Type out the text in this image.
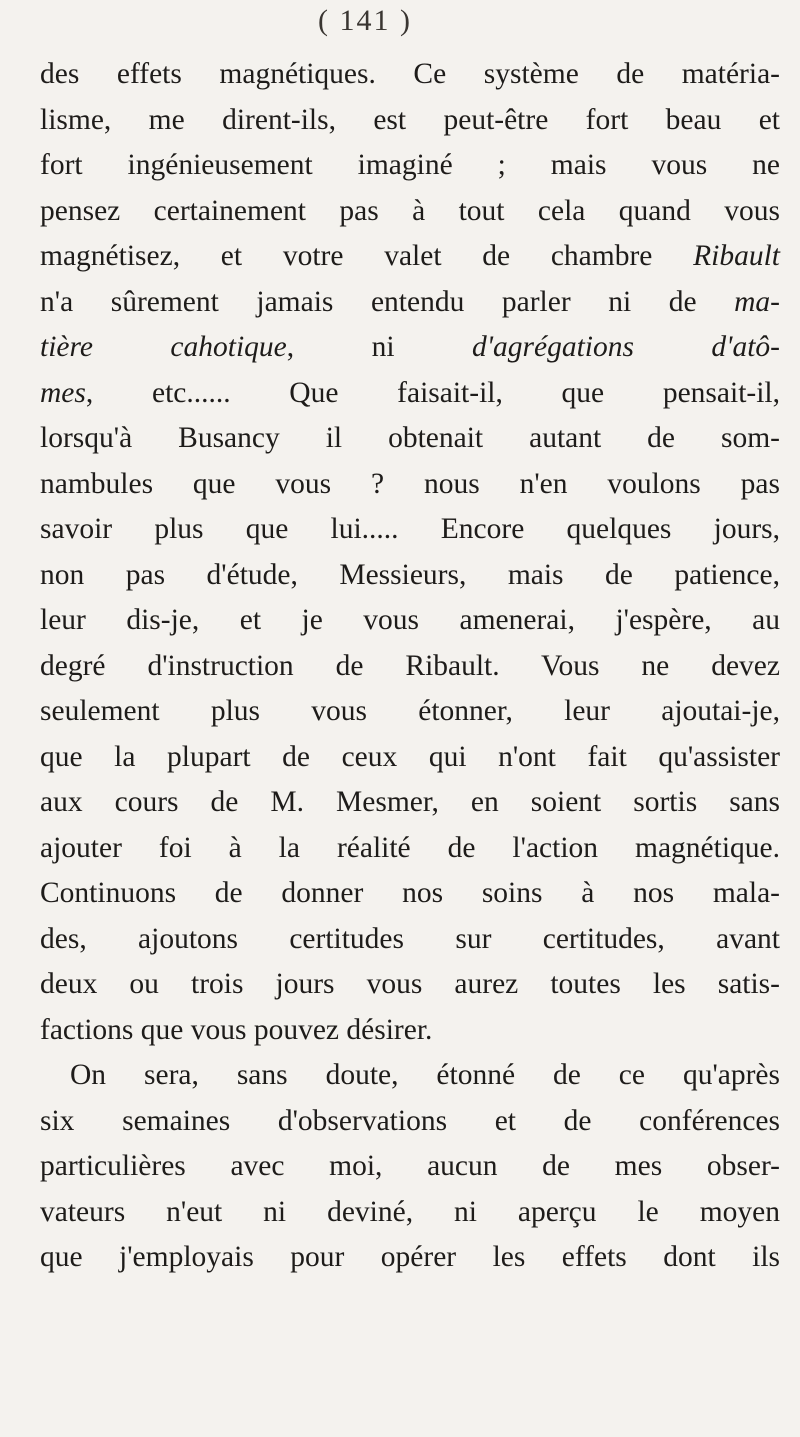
( 141 )
des effets magnétiques. Ce système de matéria-
lisme, me dirent-ils, est peut-être fort beau et
fort ingénieusement imaginé ; mais vous ne
pensez certainement pas à tout cela quand vous
magnétisez, et votre valet de chambre Ribault
n'a sûrement jamais entendu parler ni de ma-
tière cahotique, ni d'agrégations d'atô-
mes, etc...... Que faisait-il, que pensait-il,
lorsqu'à Busancy il obtenait autant de som-
nambules que vous ? nous n'en voulons pas
savoir plus que lui..... Encore quelques jours,
non pas d'étude, Messieurs, mais de patience,
leur dis-je, et je vous amenerai, j'espère, au
degré d'instruction de Ribault. Vous ne devez
seulement plus vous étonner, leur ajoutai-je,
que la plupart de ceux qui n'ont fait qu'assister
aux cours de M. Mesmer, en soient sortis sans
ajouter foi à la réalité de l'action magnétique.
Continuons de donner nos soins à nos mala-
des, ajoutons certitudes sur certitudes, avant
deux ou trois jours vous aurez toutes les satis-
factions que vous pouvez désirer.
On sera, sans doute, étonné de ce qu'après
six semaines d'observations et de conférences
particulières avec moi, aucun de mes obser-
vateurs n'eut ni deviné, ni aperçu le moyen
que j'employais pour opérer les effets dont ils
